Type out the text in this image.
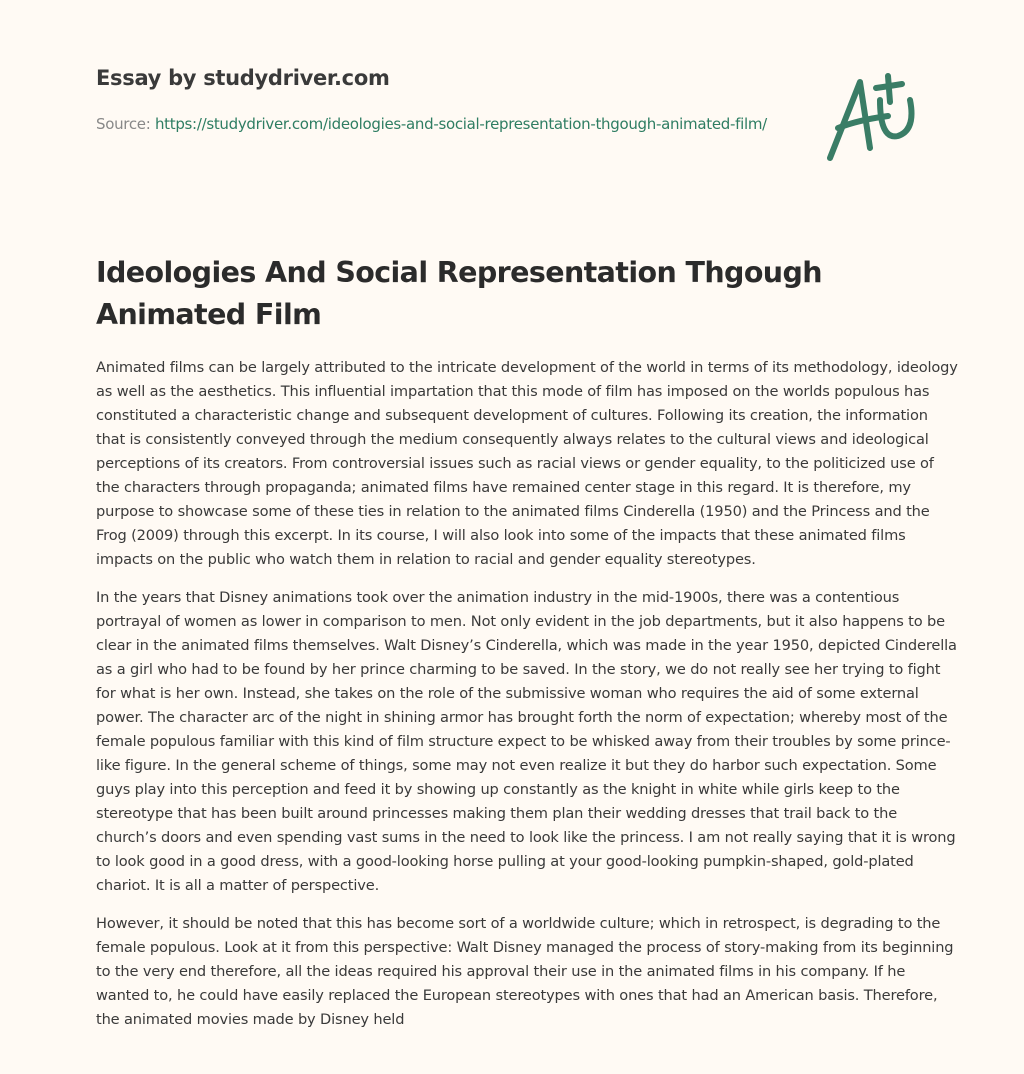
Essay by studydriver.com
Source: https://studydriver.com/ideologies-and-social-representation-thgough-animated-film/
Ideologies And Social Representation Thgough Animated Film

Animated films can be largely attributed to the intricate development of the world in terms of its methodology, ideology as well as the aesthetics. This influential impartation that this mode of film has imposed on the worlds populous has constituted a characteristic change and subsequent development of cultures. Following its creation, the information that is consistently conveyed through the medium consequently always relates to the cultural views and ideological perceptions of its creators. From controversial issues such as racial views or gender equality, to the politicized use of the characters through propaganda; animated films have remained center stage in this regard. It is therefore, my purpose to showcase some of these ties in relation to the animated films Cinderella (1950) and the Princess and the Frog (2009) through this excerpt. In its course, I will also look into some of the impacts that these animated films impacts on the public who watch them in relation to racial and gender equality stereotypes.

In the years that Disney animations took over the animation industry in the mid-1900s, there was a contentious portrayal of women as lower in comparison to men. Not only evident in the job departments, but it also happens to be clear in the animated films themselves. Walt Disney’s Cinderella, which was made in the year 1950, depicted Cinderella as a girl who had to be found by her prince charming to be saved. In the story, we do not really see her trying to fight for what is her own. Instead, she takes on the role of the submissive woman who requires the aid of some external power. The character arc of the night in shining armor has brought forth the norm of expectation; whereby most of the female populous familiar with this kind of film structure expect to be whisked away from their troubles by some prince-like figure. In the general scheme of things, some may not even realize it but they do harbor such expectation. Some guys play into this perception and feed it by showing up constantly as the knight in white while girls keep to the stereotype that has been built around princesses making them plan their wedding dresses that trail back to the church’s doors and even spending vast sums in the need to look like the princess. I am not really saying that it is wrong to look good in a good dress, with a good-looking horse pulling at your good-looking pumpkin-shaped, gold-plated chariot. It is all a matter of perspective.

However, it should be noted that this has become sort of a worldwide culture; which in retrospect, is degrading to the female populous. Look at it from this perspective: Walt Disney managed the process of story-making from its beginning to the very end therefore, all the ideas required his approval their use in the animated films in his company. If he wanted to, he could have easily replaced the European stereotypes with ones that had an American basis. Therefore, the animated movies made by Disney held
